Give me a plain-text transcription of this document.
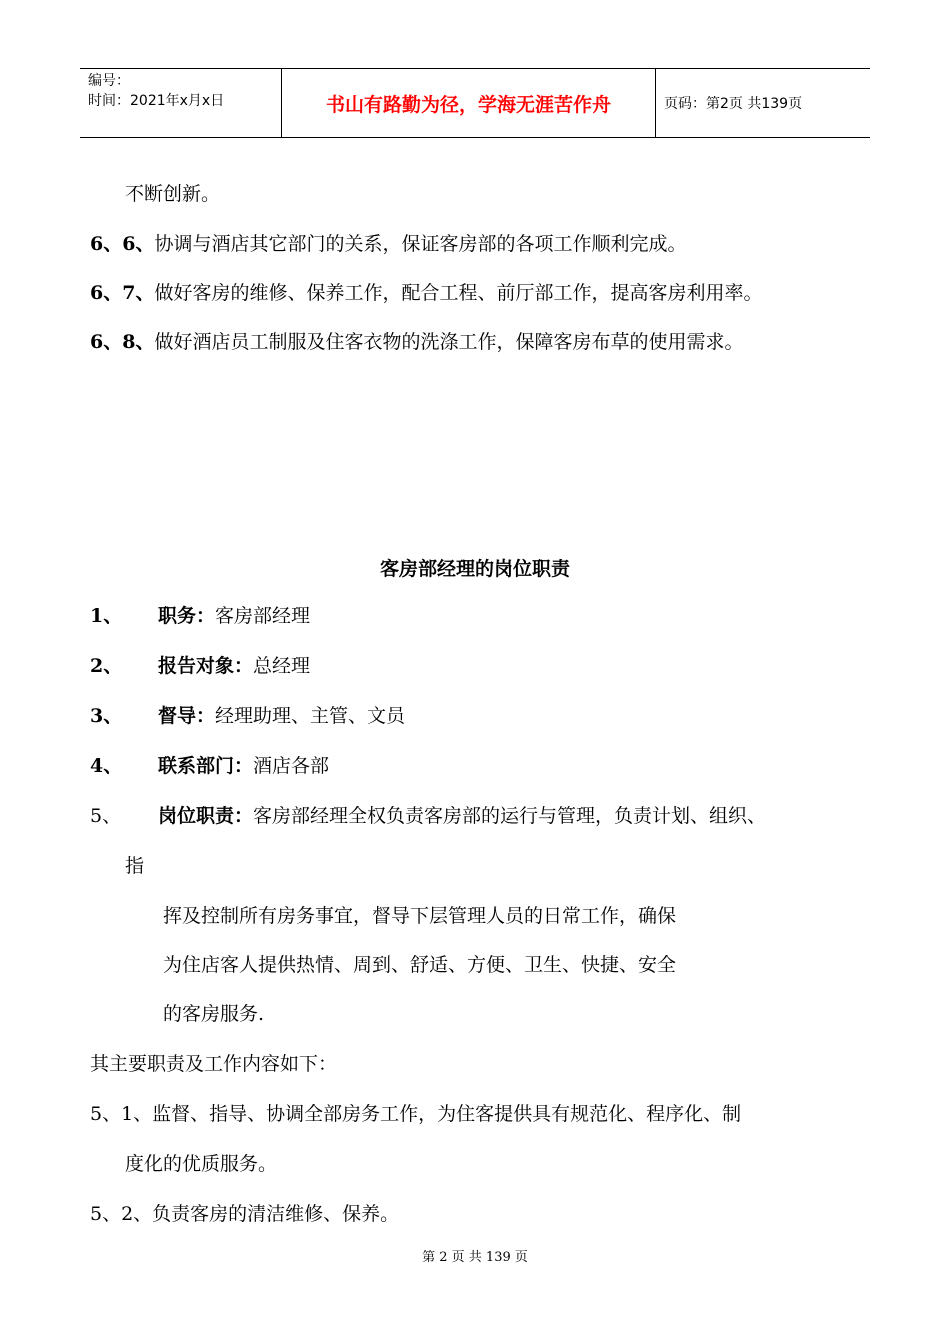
编号：
时间：2021年x月x日	书山有路勤为径，学海无涯苦作舟	页码：第2页 共139页
不断创新。
6、6、协调与酒店其它部门的关系，保证客房部的各项工作顺利完成。
6、7、做好客房的维修、保养工作，配合工程、前厅部工作，提高客房利用率。
6、8、做好酒店员工制服及住客衣物的洗涤工作，保障客房布草的使用需求。
客房部经理的岗位职责
1、 职务：客房部经理
2、 报告对象：总经理
3、 督导：经理助理、主管、文员
4、 联系部门：酒店各部
5、 岗位职责：客房部经理全权负责客房部的运行与管理，负责计划、组织、
指
挥及控制所有房务事宜，督导下层管理人员的日常工作，确保
为住店客人提供热情、周到、舒适、方便、卫生、快捷、安全
的客房服务.
其主要职责及工作内容如下：
5、1、监督、指导、协调全部房务工作，为住客提供具有规范化、程序化、制
度化的优质服务。
5、2、负责客房的清洁维修、保养。
第 2 页 共 139 页
